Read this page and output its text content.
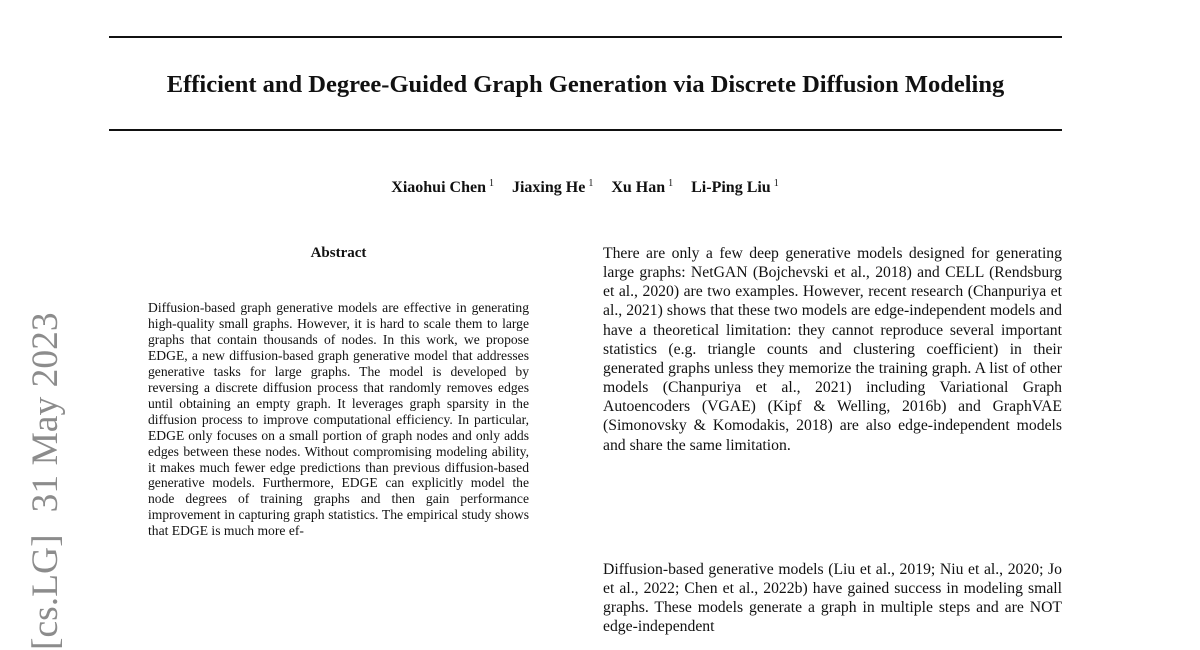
Efficient and Degree-Guided Graph Generation via Discrete Diffusion Modeling
Xiaohui Chen $^1$ Jiaxing He $^1$ Xu Han $^1$ Li-Ping Liu $^1$
[cs.LG]31 May 2023
Abstract

Diffusion-based graph generative models are effective in generating high-quality small graphs. However, it is hard to scale them to large graphs that contain thousands of nodes. In this work, we propose EDGE, a new diffusion-based graph generative model that addresses generative tasks for large graphs. The model is developed by reversing a discrete diffusion process that randomly removes edges until obtaining an empty graph. It leverages graph sparsity in the diffusion process to improve computational efficiency. In particular, EDGE only focuses on a small portion of graph nodes and only adds edges between these nodes. Without compromising modeling ability, it makes much fewer edge predictions than previous diffusion-based generative models. Furthermore, EDGE can explicitly model the node degrees of training graphs and then gain performance improvement in capturing graph statistics. The empirical study shows that EDGE is much more ef-

There are only a few deep generative models designed for generating large graphs: NetGAN (Bojchevski et al., 2018) and CELL (Rendsburg et al., 2020) are two examples. However, recent research (Chanpuriya et al., 2021) shows that these two models are edge-independent models and have a theoretical limitation: they cannot reproduce several important statistics (e.g. triangle counts and clustering coefficient) in their generated graphs unless they memorize the training graph. A list of other models (Chanpuriya et al., 2021) including Variational Graph Autoencoders (VGAE) (Kipf & Welling, 2016b) and GraphVAE (Simonovsky & Komodakis, 2018) are also edge-independent models and share the same limitation.

Diffusion-based generative models (Liu et al., 2019; Niu et al., 2020; Jo et al., 2022; Chen et al., 2022b) have gained success in modeling small graphs. These models generate a graph in multiple steps and are NOT edge-independent
